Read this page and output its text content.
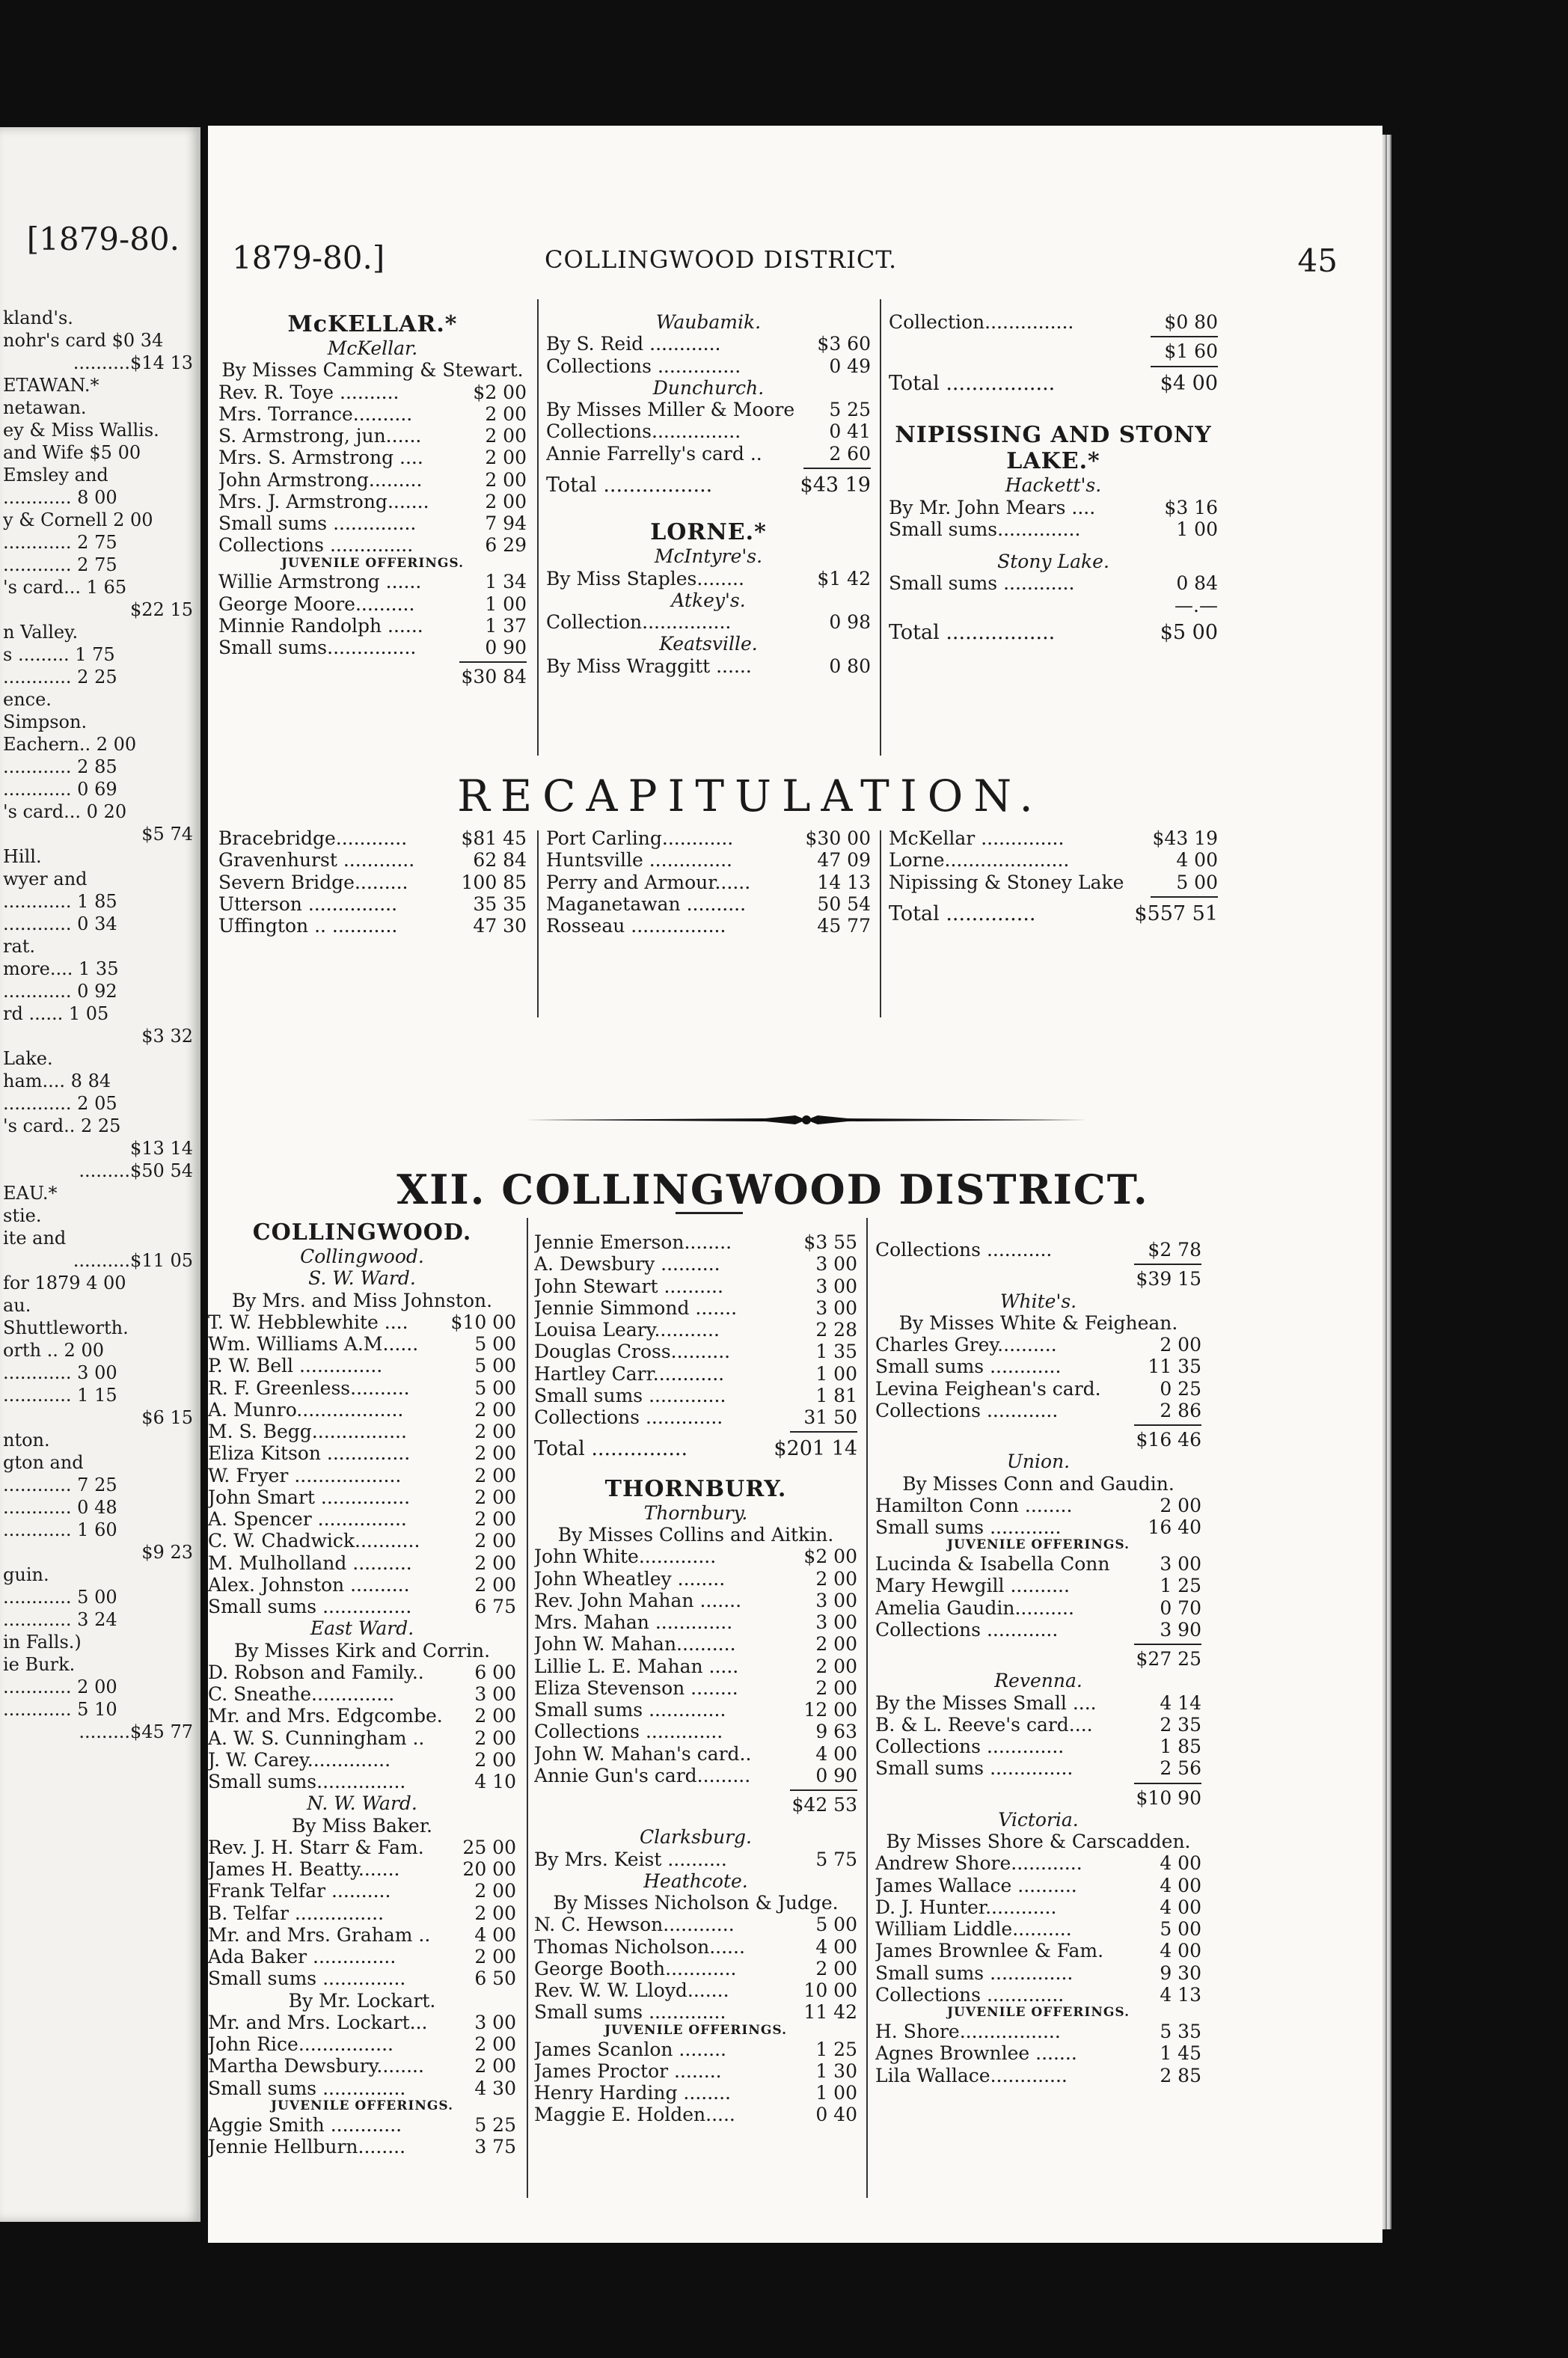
[1879-80.
kland's.
nohr's card $0 34
..........$14 13
ETAWAN.*
netawan.
ey & Miss Wallis.
and Wife $5 00
Emsley and
............ 8 00
y & Cornell 2 00
............ 2 75
............ 2 75
's card... 1 65
$22 15
n Valley.
s ......... 1 75
............ 2 25
ence.
Simpson.
Eachern.. 2 00
............ 2 85
............ 0 69
's card... 0 20
$5 74
Hill.
wyer and
............ 1 85
............ 0 34
rat.
more.... 1 35
............ 0 92
rd ...... 1 05
$3 32
Lake.
ham.... 8 84
............ 2 05
's card.. 2 25
$13 14
.........$50 54
EAU.*
stie.
ite and
..........$11 05
for 1879 4 00
au.
Shuttleworth.
orth .. 2 00
............ 3 00
............ 1 15
$6 15
nton.
gton and
............ 7 25
............ 0 48
............ 1 60
$9 23
guin.
............ 5 00
............ 3 24
in Falls.)
ie Burk.
............ 2 00
............ 5 10
.........$45 77
1879-80.]	COLLINGWOOD DISTRICT.	45
McKELLAR.*
McKellar.
By Misses Camming & Stewart.
Rev. R. Toye ..........	$2 00
Mrs. Torrance..........	2 00
S. Armstrong, jun......	2 00
Mrs. S. Armstrong ....	2 00
John Armstrong.........	2 00
Mrs. J. Armstrong.......	2 00
Small sums ..............	7 94
Collections ..............	6 29
JUVENILE OFFERINGS.
Willie Armstrong ......	1 34
George Moore..........	1 00
Minnie Randolph ......	1 37
Small sums...............	0 90
$30 84
Waubamik.
By S. Reid ............	$3 60
Collections ..............	0 49
Dunchurch.
By Misses Miller & Moore	5 25
Collections...............	0 41
Annie Farrelly's card ..	2 60
Total .................	$43 19
LORNE.*
McIntyre's.
By Miss Staples........	$1 42
Atkey's.
Collection...............	0 98
Keatsville.
By Miss Wraggitt ......	0 80
Collection...............	$0 80
$1 60
Total .................	$4 00
NIPISSING AND STONY
LAKE.*
Hackett's.
By Mr. John Mears ....	$3 16
Small sums..............	1 00
Stony Lake.
Small sums ............	0 84
—.—
Total .................	$5 00
RECAPITULATION.
Bracebridge............	$81 45
Gravenhurst ............	62 84
Severn Bridge.........	100 85
Utterson ...............	35 35
Uffington .. ...........	47 30
Port Carling............	$30 00
Huntsville ..............	47 09
Perry and Armour......	14 13
Maganetawan ..........	50 54
Rosseau ................	45 77
McKellar ..............	$43 19
Lorne.....................	4 00
Nipissing & Stoney Lake	5 00
Total ..............	$557 51
XII. COLLINGWOOD DISTRICT.
COLLINGWOOD.
Collingwood.
S. W. Ward.
By Mrs. and Miss Johnston.
T. W. Hebblewhite ....	$10 00
Wm. Williams A.M......	5 00
P. W. Bell ..............	5 00
R. F. Greenless..........	5 00
A. Munro..................	2 00
M. S. Begg................	2 00
Eliza Kitson ..............	2 00
W. Fryer ..................	2 00
John Smart ...............	2 00
A. Spencer ...............	2 00
C. W. Chadwick...........	2 00
M. Mulholland ..........	2 00
Alex. Johnston ..........	2 00
Small sums ...............	6 75
East Ward.
By Misses Kirk and Corrin.
D. Robson and Family..	6 00
C. Sneathe..............	3 00
Mr. and Mrs. Edgcombe.	2 00
A. W. S. Cunningham ..	2 00
J. W. Carey..............	2 00
Small sums...............	4 10
N. W. Ward.
By Miss Baker.
Rev. J. H. Starr & Fam.	25 00
James H. Beatty.......	20 00
Frank Telfar ..........	2 00
B. Telfar ...............	2 00
Mr. and Mrs. Graham ..	4 00
Ada Baker ..............	2 00
Small sums ..............	6 50
By Mr. Lockart.
Mr. and Mrs. Lockart...	3 00
John Rice................	2 00
Martha Dewsbury........	2 00
Small sums ..............	4 30
JUVENILE OFFERINGS.
Aggie Smith ............	5 25
Jennie Hellburn........	3 75
Jennie Emerson........	$3 55
A. Dewsbury ..........	3 00
John Stewart ..........	3 00
Jennie Simmond .......	3 00
Louisa Leary...........	2 28
Douglas Cross..........	1 35
Hartley Carr............	1 00
Small sums .............	1 81
Collections .............	31 50
Total ...............	$201 14
THORNBURY.
Thornbury.
By Misses Collins and Aitkin.
John White.............	$2 00
John Wheatley ........	2 00
Rev. John Mahan .......	3 00
Mrs. Mahan .............	3 00
John W. Mahan..........	2 00
Lillie L. E. Mahan .....	2 00
Eliza Stevenson ........	2 00
Small sums .............	12 00
Collections .............	9 63
John W. Mahan's card..	4 00
Annie Gun's card.........	0 90
$42 53
Clarksburg.
By Mrs. Keist ..........	5 75
Heathcote.
By Misses Nicholson & Judge.
N. C. Hewson............	5 00
Thomas Nicholson......	4 00
George Booth............	2 00
Rev. W. W. Lloyd.......	10 00
Small sums .............	11 42
JUVENILE OFFERINGS.
James Scanlon ........	1 25
James Proctor ........	1 30
Henry Harding ........	1 00
Maggie E. Holden.....	0 40
Collections ...........	$2 78
$39 15
White's.
By Misses White & Feighean.
Charles Grey..........	2 00
Small sums ............	11 35
Levina Feighean's card.	0 25
Collections ............	2 86
$16 46
Union.
By Misses Conn and Gaudin.
Hamilton Conn ........	2 00
Small sums ............	16 40
JUVENILE OFFERINGS.
Lucinda & Isabella Conn	3 00
Mary Hewgill ..........	1 25
Amelia Gaudin..........	0 70
Collections ............	3 90
$27 25
Revenna.
By the Misses Small ....	4 14
B. & L. Reeve's card....	2 35
Collections .............	1 85
Small sums ..............	2 56
$10 90
Victoria.
By Misses Shore & Carscadden.
Andrew Shore............	4 00
James Wallace ..........	4 00
D. J. Hunter............	4 00
William Liddle..........	5 00
James Brownlee & Fam.	4 00
Small sums ..............	9 30
Collections .............	4 13
JUVENILE OFFERINGS.
H. Shore.................	5 35
Agnes Brownlee .......	1 45
Lila Wallace.............	2 85
